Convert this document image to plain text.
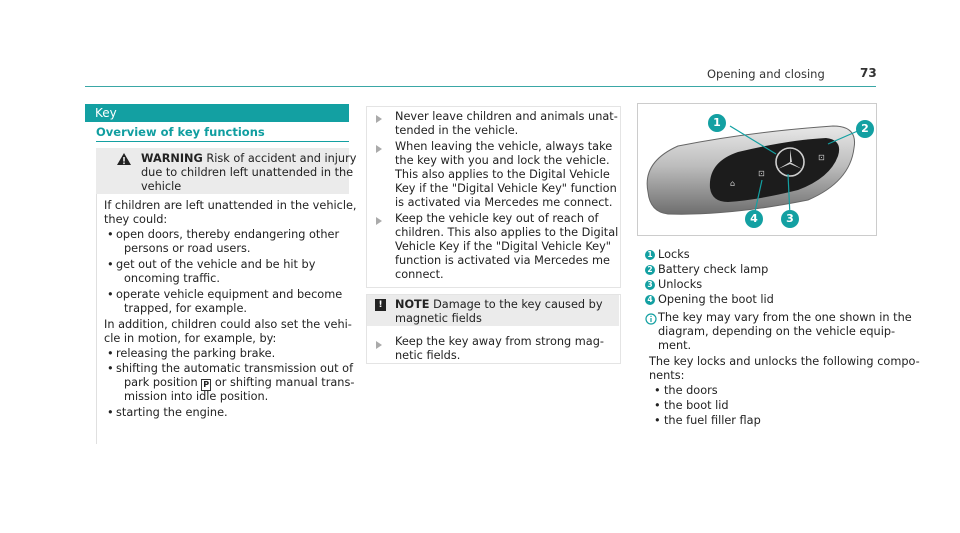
Opening and closing	73
Key
Overview of key functions
WARNING Risk of accident and injury
due to children left unattended in the
vehicle
If children are left unattended in the vehicle,
they could:
• open doors, thereby endangering other
persons or road users.
• get out of the vehicle and be hit by
oncoming traffic.
• operate vehicle equipment and become
trapped, for example.
In addition, children could also set the vehi-
cle in motion, for example, by:
• releasing the parking brake.
• shifting the automatic transmission out of
park position P or shifting manual trans-
mission into idle position.
• starting the engine.
Never leave children and animals unat-
tended in the vehicle.
When leaving the vehicle, always take
the key with you and lock the vehicle.
This also applies to the Digital Vehicle
Key if the "Digital Vehicle Key" function
is activated via Mercedes me connect.
Keep the vehicle key out of reach of
children. This also applies to the Digital
Vehicle Key if the "Digital Vehicle Key"
function is activated via Mercedes me
connect.
!	NOTE Damage to the key caused by
magnetic fields
Keep the key away from strong mag-
netic fields.
⊡
⊡
⌂
1	2
3
4
1 Locks
2 Battery check lamp
3 Unlocks
4 Opening the boot lid
The key may vary from the one shown in the
diagram, depending on the vehicle equip-
ment.
The key locks and unlocks the following compo-
nents:
• the doors
• the boot lid
• the fuel filler flap
